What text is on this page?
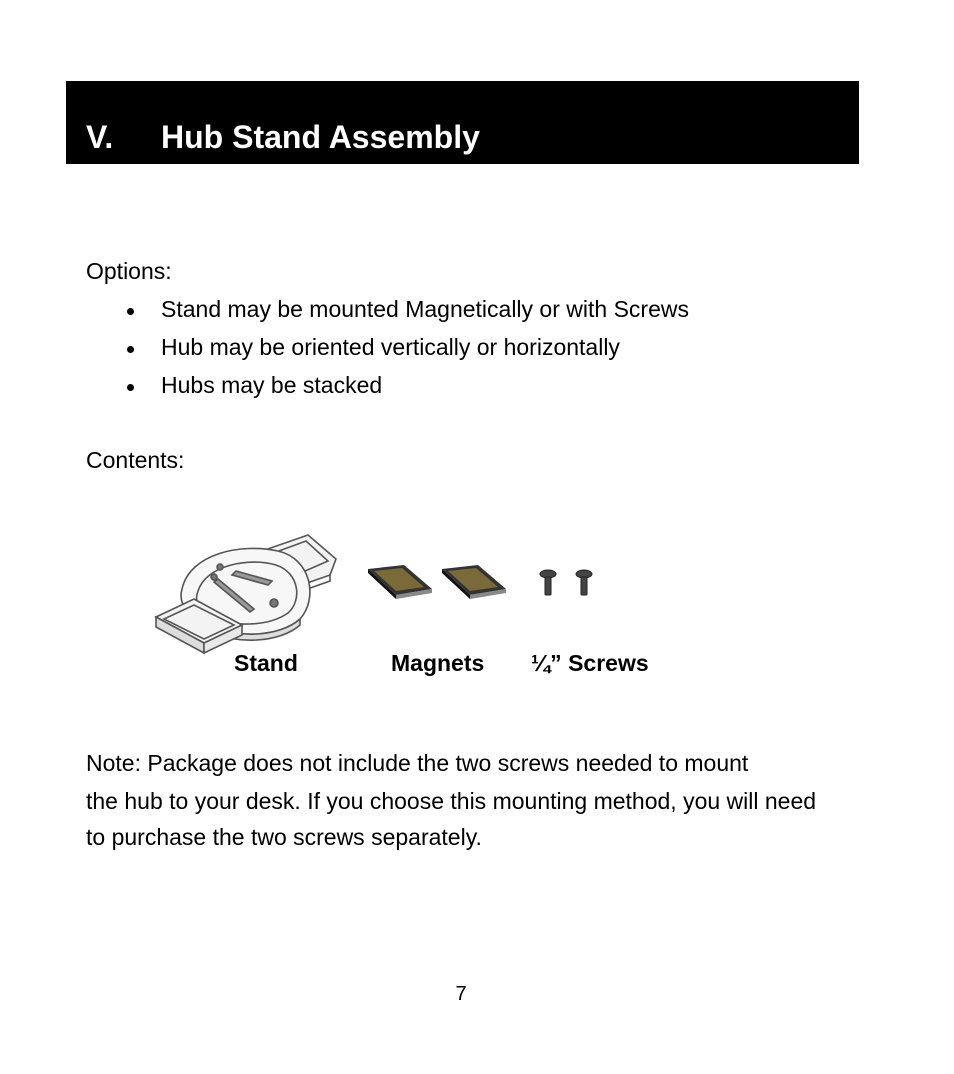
V. Hub Stand Assembly
Options:
Stand may be mounted Magnetically or with Screws
Hub may be oriented vertically or horizontally
Hubs may be stacked
Contents:
Stand	Magnets ¼” Screws
Note: Package does not include the two screws needed to mount
the hub to your desk. If you choose this mounting method, you will need
to purchase the two screws separately.
7
